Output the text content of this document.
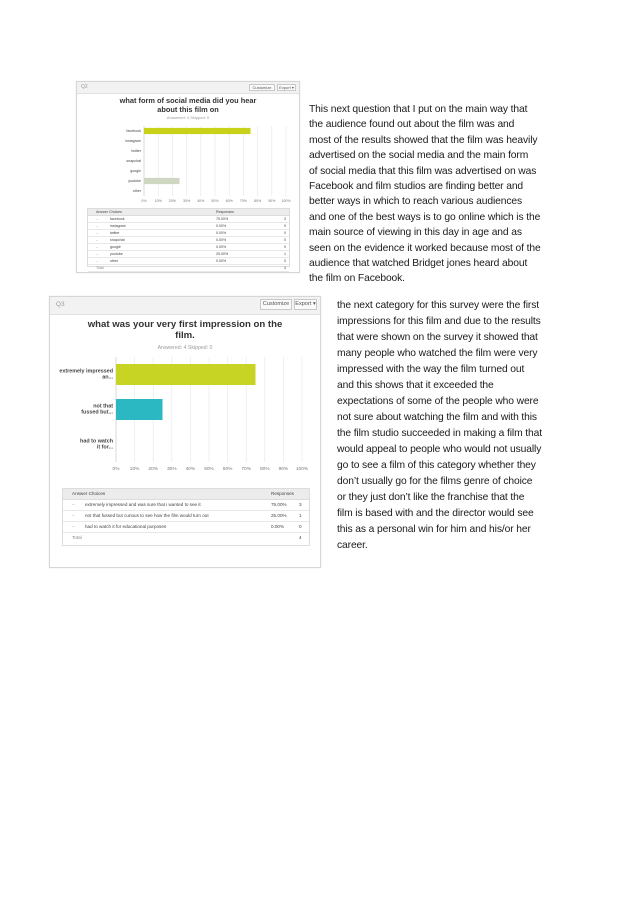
Q2	Customize	Export ▾
what form of social media did you hear
about this film on
Answered: 4 Skipped: 0
0% 10% 20% 30% 40% 50% 60% 70% 80% 90% 100%
facebook
instagram
twitter
snapchat
google
youtube
other
Answer Choices	Responses
–	facebook	75.00%	3
–	instagram	0.00%	0
–	twitter	0.00%	0
–	snapchat	0.00%	0
–	google	0.00%	0
–	youtube	25.00%	1
–	other	0.00%	0
Total	4
Q3	Customize	Export ▾
what was your very first impression on the
film.
Answered: 4 Skipped: 0
0% 10% 20% 30% 40% 50% 60% 70% 80% 90% 100%
extremely impressed an...
not that fussed but...
had to watch it for...
Answer Choices	Responses
– extremely impressed and was sure that i wanted to see it	75.00%	3
– not that fussed but curious to see how the film would turn out	25.00%	1
– had to watch it for educational purposes	0.00%	0
Total	4
This next question that I put on the main way that
the audience found out about the film was and
most of the results showed that the film was heavily
advertised on the social media and the main form
of social media that this film was advertised on was
Facebook and film studios are finding better and
better ways in which to reach various audiences
and one of the best ways is to go online which is the
main source of viewing in this day in age and as
seen on the evidence it worked because most of the
audience that watched Bridget jones heard about
the film on Facebook.
the next category for this survey were the first
impressions for this film and due to the results
that were shown on the survey it showed that
many people who watched the film were very
impressed with the way the film turned out
and this shows that it exceeded the
expectations of some of the people who were
not sure about watching the film and with this
the film studio succeeded in making a film that
would appeal to people who would not usually
go to see a film of this category whether they
don’t usually go for the films genre of choice
or they just don’t like the franchise that the
film is based with and the director would see
this as a personal win for him and his/or her
career.
